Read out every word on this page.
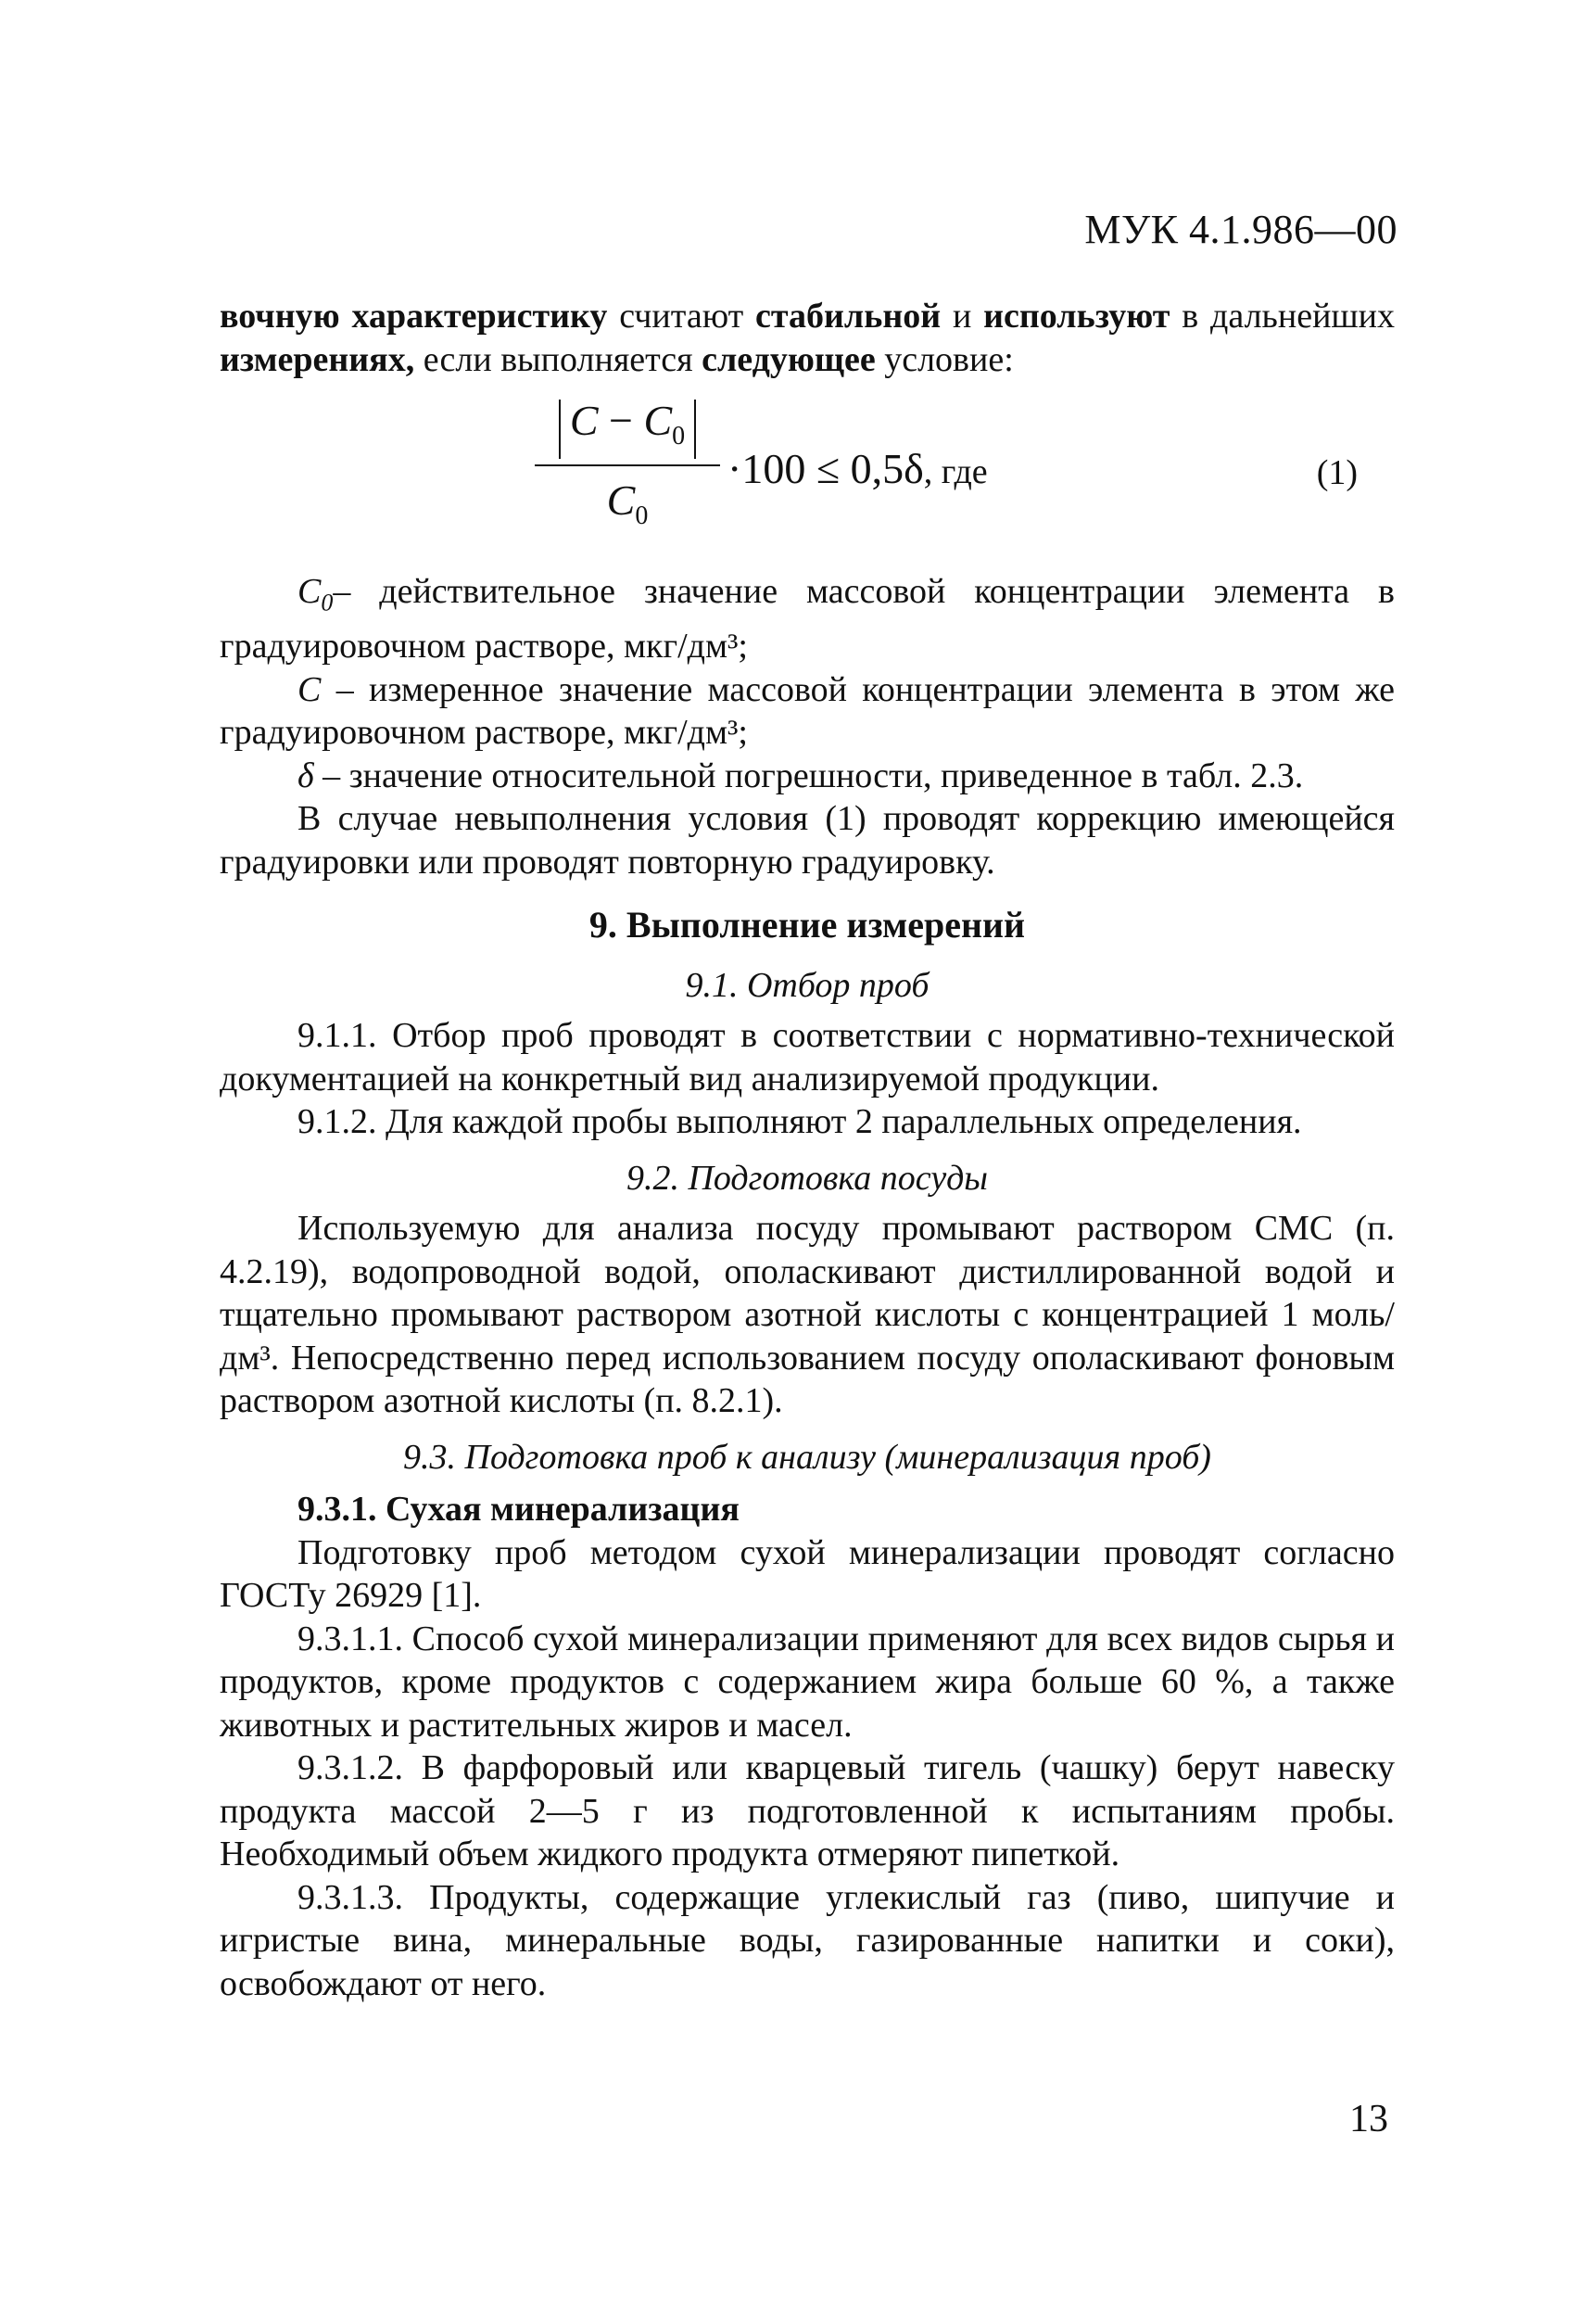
МУК 4.1.986—00

вочную характеристику считают стабильной и используют в дальнейших измерениях, если выполняется следующее условие:

$\frac{C - C_0}{C_0} \cdot 100 \le 0,5\delta$, где	(1)

$C_0-$ действительное значение массовой концентрации элемента в градуировочном растворе, мкг/дм³;

C – измеренное значение массовой концентрации элемента в этом же градуировочном растворе, мкг/дм³;

δ – значение относительной погрешности, приведенное в табл. 2.3.

В случае невыполнения условия (1) проводят коррекцию имеющейся градуировки или проводят повторную градуировку.

9. Выполнение измерений
9.1. Отбор проб

9.1.1. Отбор проб проводят в соответствии с нормативно-технической документацией на конкретный вид анализируемой продукции.

9.1.2. Для каждой пробы выполняют 2 параллельных определения.

9.2. Подготовка посуды

Используемую для анализа посуду промывают раствором СМС (п. 4.2.19), водопроводной водой, ополаскивают дистиллированной водой и тщательно промывают раствором азотной кислоты с концентрацией 1 моль/дм³. Непосредственно перед использованием посуду ополаскивают фоновым раствором азотной кислоты (п. 8.2.1).

9.3. Подготовка проб к анализу (минерализация проб)

9.3.1. Сухая минерализация

Подготовку проб методом сухой минерализации проводят согласно ГОСТу 26929 [1].

9.3.1.1. Способ сухой минерализации применяют для всех видов сырья и продуктов, кроме продуктов с содержанием жира больше 60 %, а также животных и растительных жиров и масел.

9.3.1.2. В фарфоровый или кварцевый тигель (чашку) берут навеску продукта массой 2—5 г из подготовленной к испытаниям пробы. Необходимый объем жидкого продукта отмеряют пипеткой.

9.3.1.3. Продукты, содержащие углекислый газ (пиво, шипучие и игристые вина, минеральные воды, газированные напитки и соки), освобождают от него.

13
